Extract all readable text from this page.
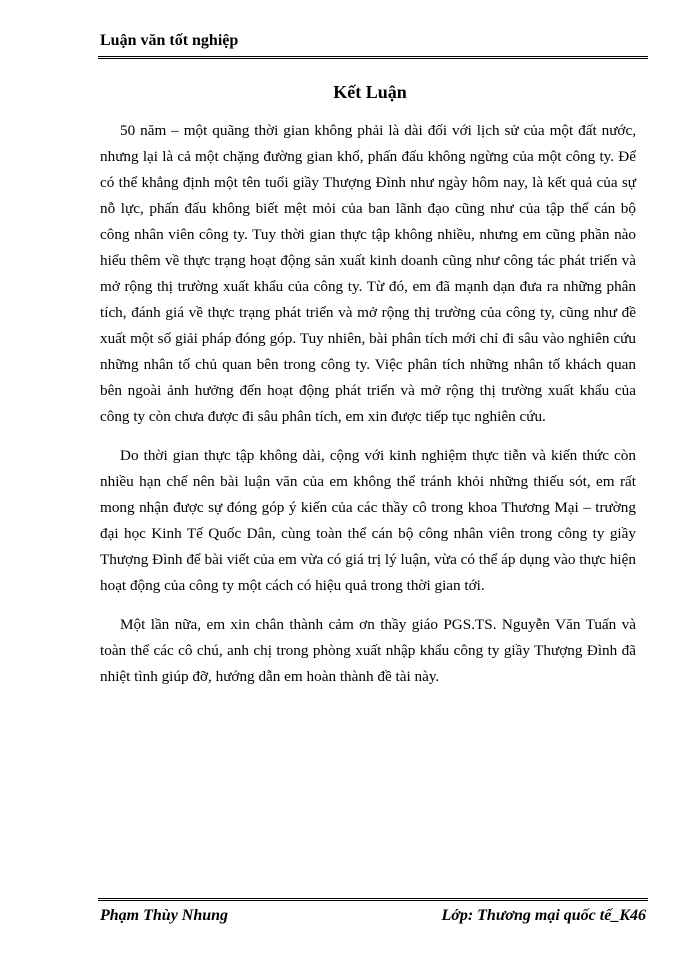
Luận văn tốt nghiệp
Kết Luận

50 năm – một quãng thời gian không phải là dài đối với lịch sử của một đất nước, nhưng lại là cả một chặng đường gian khổ, phấn đấu không ngừng của một công ty. Để có thể khẳng định một tên tuổi giầy Thượng Đình như ngày hôm nay, là kết quả của sự nỗ lực, phấn đấu không biết mệt mỏi của ban lãnh đạo cũng như của tập thể cán bộ công nhân viên công ty. Tuy thời gian thực tập không nhiều, nhưng em cũng phần nào hiểu thêm về thực trạng hoạt động sản xuất kinh doanh cũng như công tác phát triển và mở rộng thị trường xuất khẩu của công ty. Từ đó, em đã mạnh dạn đưa ra những phân tích, đánh giá về thực trạng phát triển và mở rộng thị trường của công ty, cũng như đề xuất một số giải pháp đóng góp. Tuy nhiên, bài phân tích mới chỉ đi sâu vào nghiên cứu những nhân tố chủ quan bên trong công ty. Việc phân tích những nhân tố khách quan bên ngoài ảnh hưởng đến hoạt động phát triển và mở rộng thị trường xuất khẩu của công ty còn chưa được đi sâu phân tích, em xin được tiếp tục nghiên cứu.

Do thời gian thực tập không dài, cộng với kinh nghiệm thực tiễn và kiến thức còn nhiều hạn chế nên bài luận văn của em không thể tránh khỏi những thiếu sót, em rất mong nhận được sự đóng góp ý kiến của các thầy cô trong khoa Thương Mại – trường đại học Kinh Tế Quốc Dân, cùng toàn thể cán bộ công nhân viên trong công ty giầy Thượng Đình để bài viết của em vừa có giá trị lý luận, vừa có thể áp dụng vào thực hiện hoạt động của công ty một cách có hiệu quả trong thời gian tới.

Một lần nữa, em xin chân thành cảm ơn thầy giáo PGS.TS. Nguyễn Văn Tuấn và toàn thể các cô chú, anh chị trong phòng xuất nhập khẩu công ty giầy Thượng Đình đã nhiệt tình giúp đỡ, hướng dẫn em hoàn thành đề tài này.

Phạm Thùy Nhung	Lớp: Thương mại quốc tế_K46
